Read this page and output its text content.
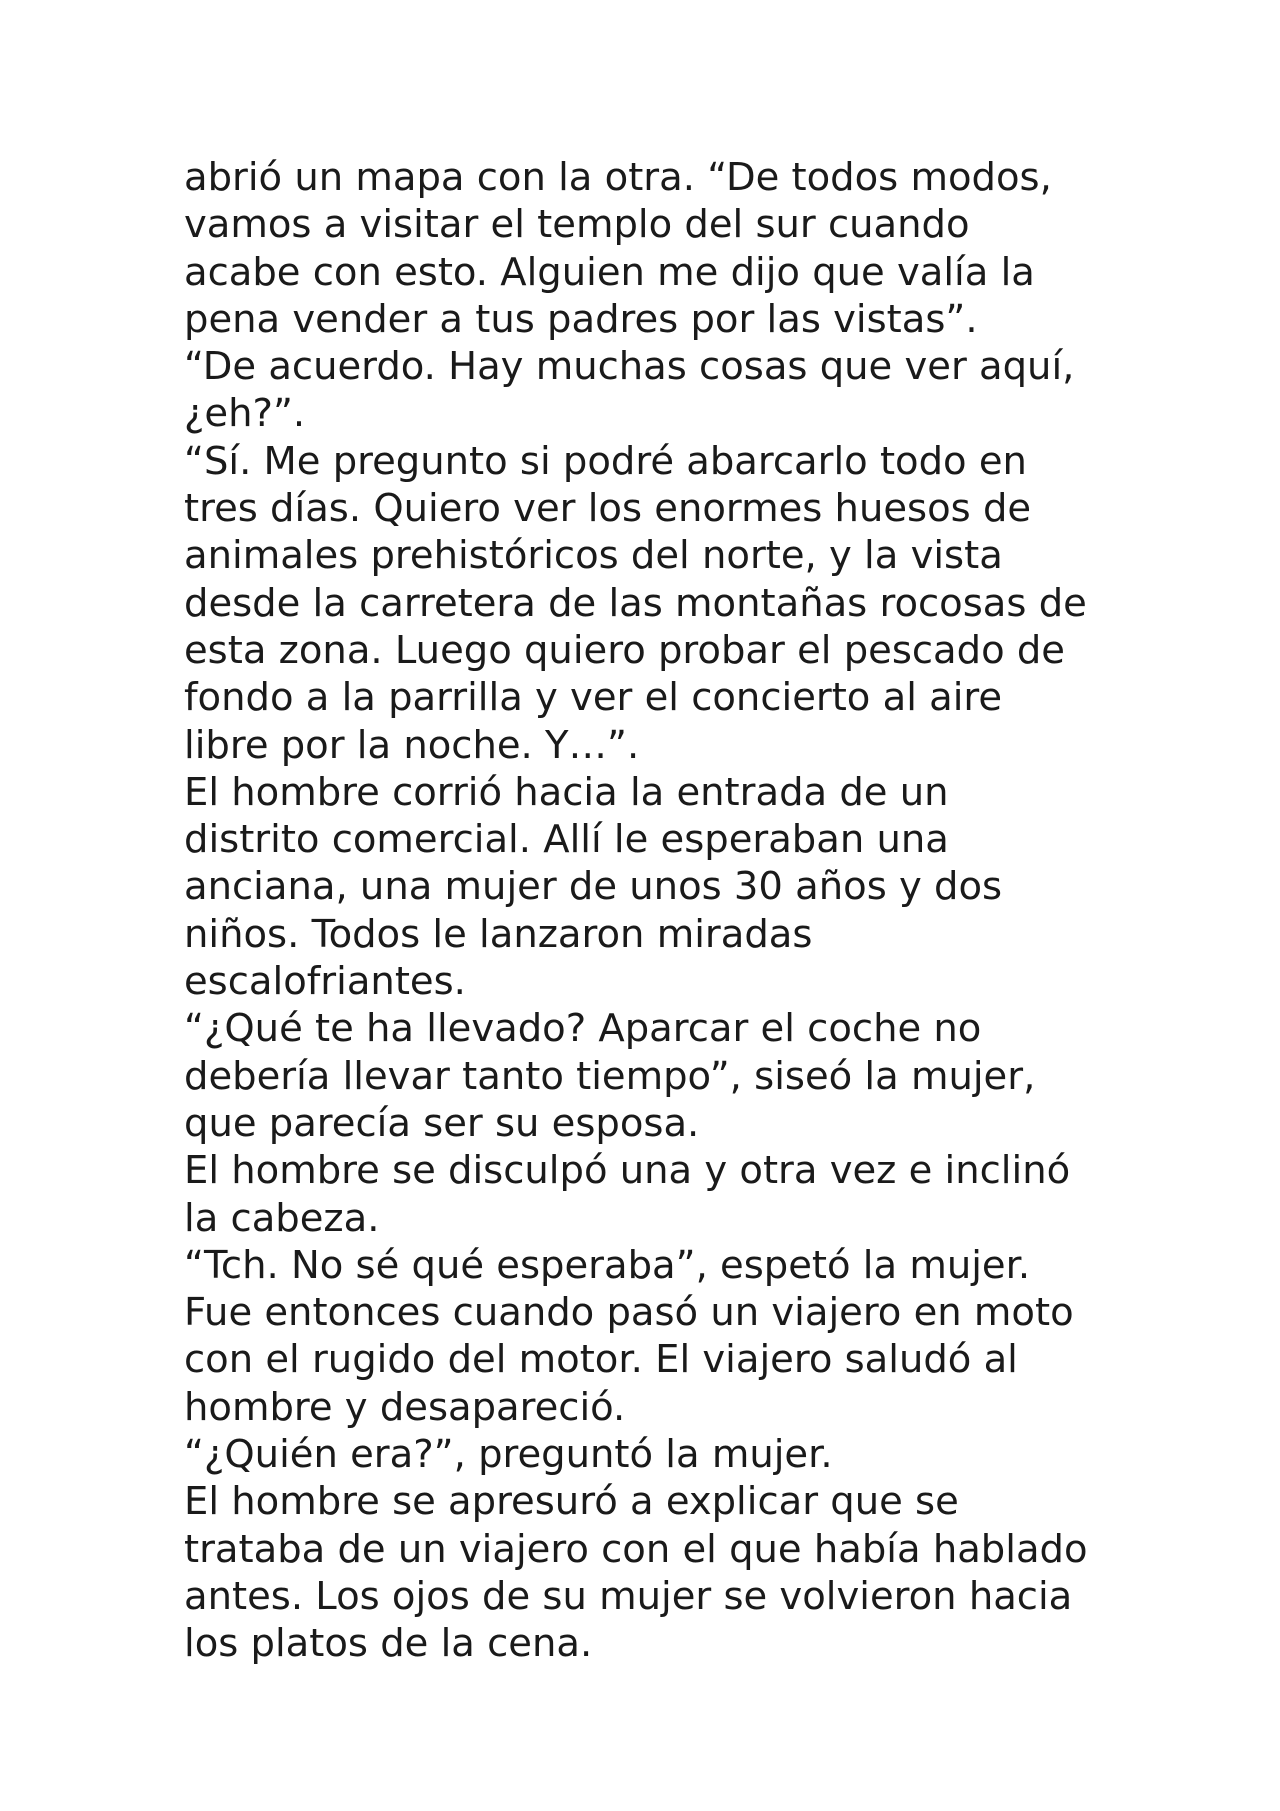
abrió un mapa con la otra. “De todos modos,
vamos a visitar el templo del sur cuando
acabe con esto. Alguien me dijo que valía la
pena vender a tus padres por las vistas”.
“De acuerdo. Hay muchas cosas que ver aquí,
¿eh?”.
“Sí. Me pregunto si podré abarcarlo todo en
tres días. Quiero ver los enormes huesos de
animales prehistóricos del norte, y la vista
desde la carretera de las montañas rocosas de
esta zona. Luego quiero probar el pescado de
fondo a la parrilla y ver el concierto al aire
libre por la noche. Y…”.
El hombre corrió hacia la entrada de un
distrito comercial. Allí le esperaban una
anciana, una mujer de unos 30 años y dos
niños. Todos le lanzaron miradas
escalofriantes.
“¿Qué te ha llevado? Aparcar el coche no
debería llevar tanto tiempo”, siseó la mujer,
que parecía ser su esposa.
El hombre se disculpó una y otra vez e inclinó
la cabeza.
“Tch. No sé qué esperaba”, espetó la mujer.
Fue entonces cuando pasó un viajero en moto
con el rugido del motor. El viajero saludó al
hombre y desapareció.
“¿Quién era?”, preguntó la mujer.
El hombre se apresuró a explicar que se
trataba de un viajero con el que había hablado
antes. Los ojos de su mujer se volvieron hacia
los platos de la cena.
